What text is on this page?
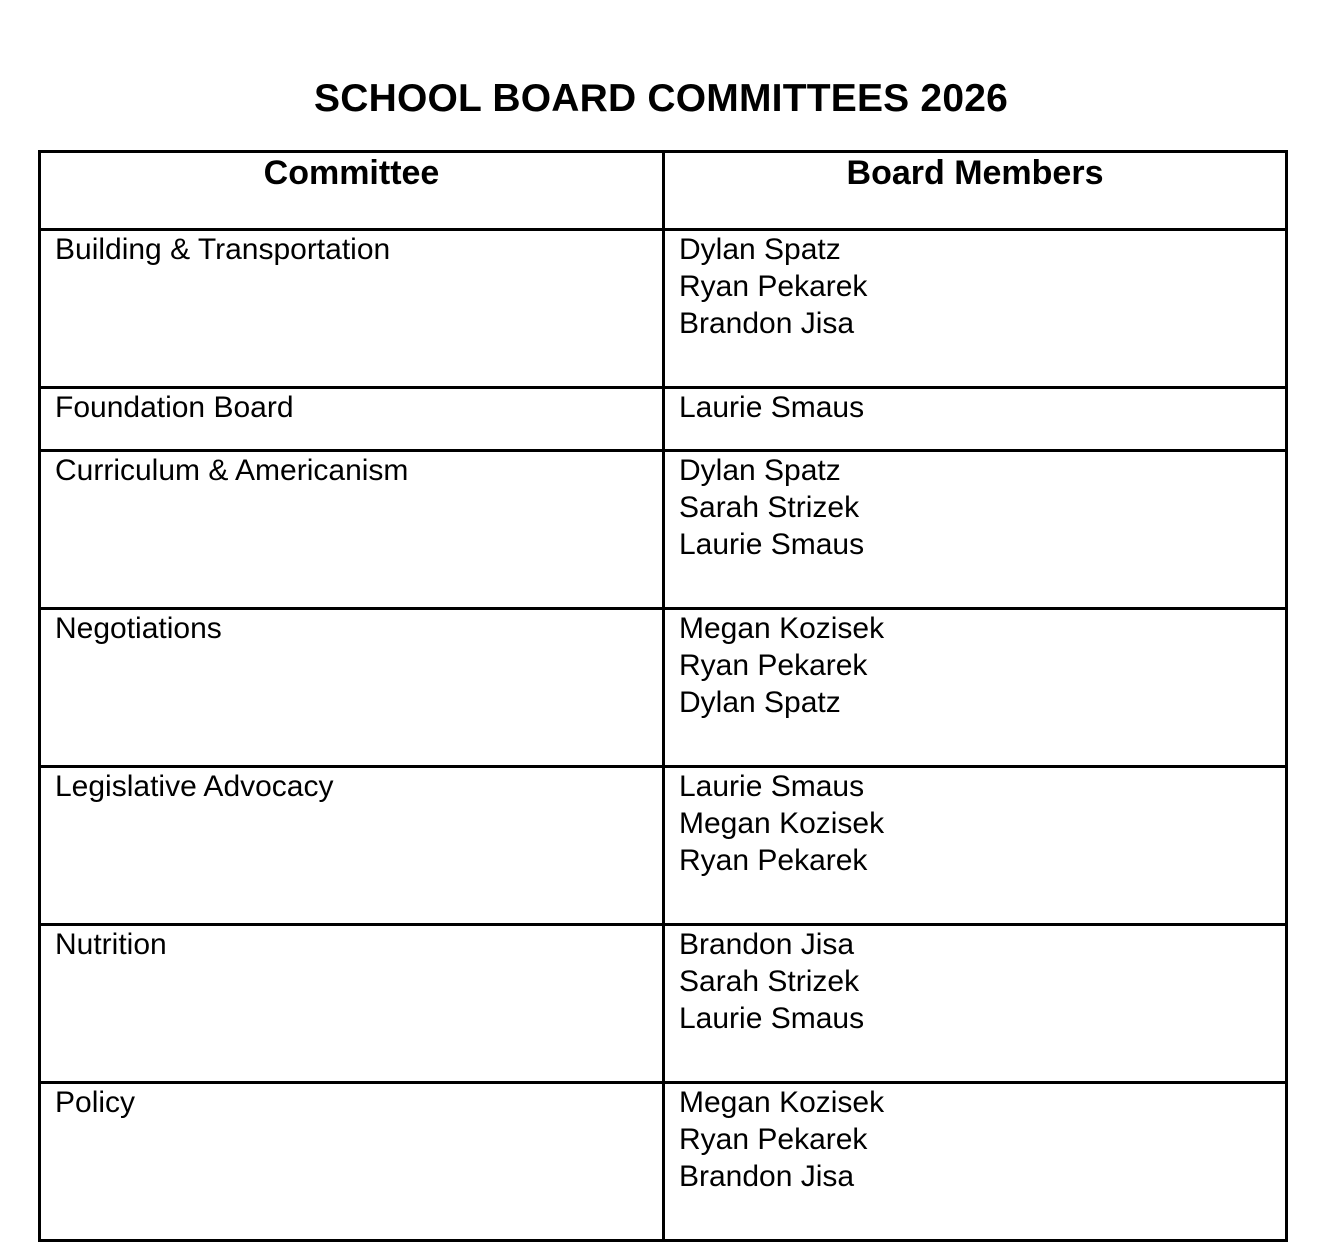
SCHOOL BOARD COMMITTEES 2026
Committee	Board Members
Building & Transportation	Dylan Spatz
Ryan Pekarek
Brandon Jisa

Foundation Board	Laurie Smaus

Curriculum & Americanism	Dylan Spatz
Sarah Strizek
Laurie Smaus

Negotiations	Megan Kozisek
Ryan Pekarek
Dylan Spatz

Legislative Advocacy	Laurie Smaus
Megan Kozisek
Ryan Pekarek

Nutrition	Brandon Jisa
Sarah Strizek
Laurie Smaus

Policy	Megan Kozisek
Ryan Pekarek
Brandon Jisa
